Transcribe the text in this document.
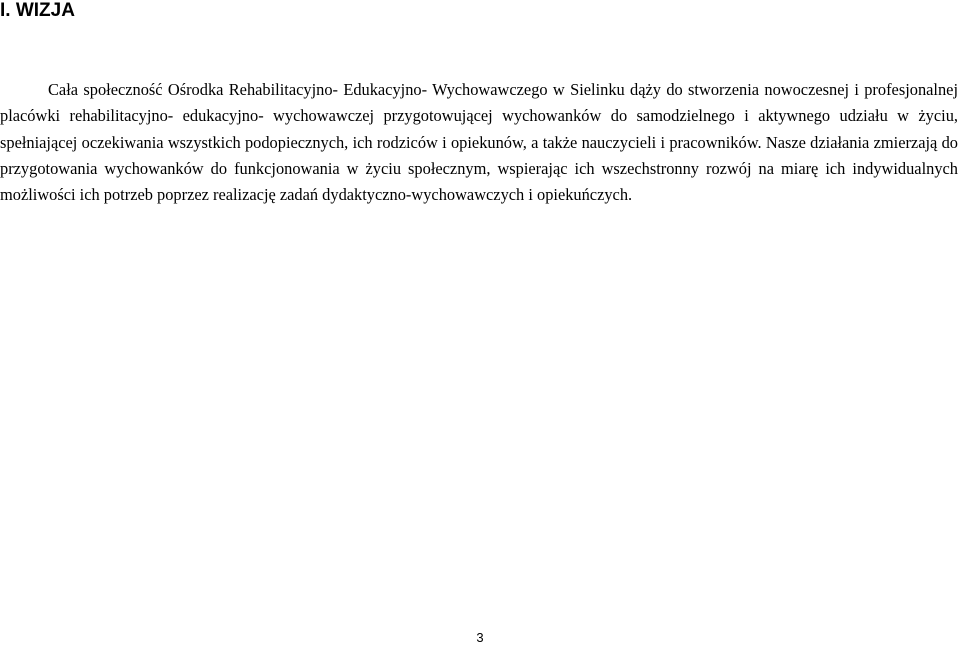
I. WIZJA

Cała społeczność Ośrodka Rehabilitacyjno- Edukacyjno- Wychowawczego w Sielinku dąży do stworzenia nowoczesnej i profesjonalnej placówki rehabilitacyjno- edukacyjno- wychowawczej przygotowującej wychowanków do samodzielnego i aktywnego udziału w życiu, spełniającej oczekiwania wszystkich podopiecznych, ich rodziców i opiekunów, a także nauczycieli i pracowników. Nasze działania zmierzają do przygotowania wychowanków do funkcjonowania w życiu społecznym, wspierając ich wszechstronny rozwój na miarę ich indywidualnych możliwości ich potrzeb poprzez realizację zadań dydaktyczno-wychowawczych i opiekuńczych.

3
